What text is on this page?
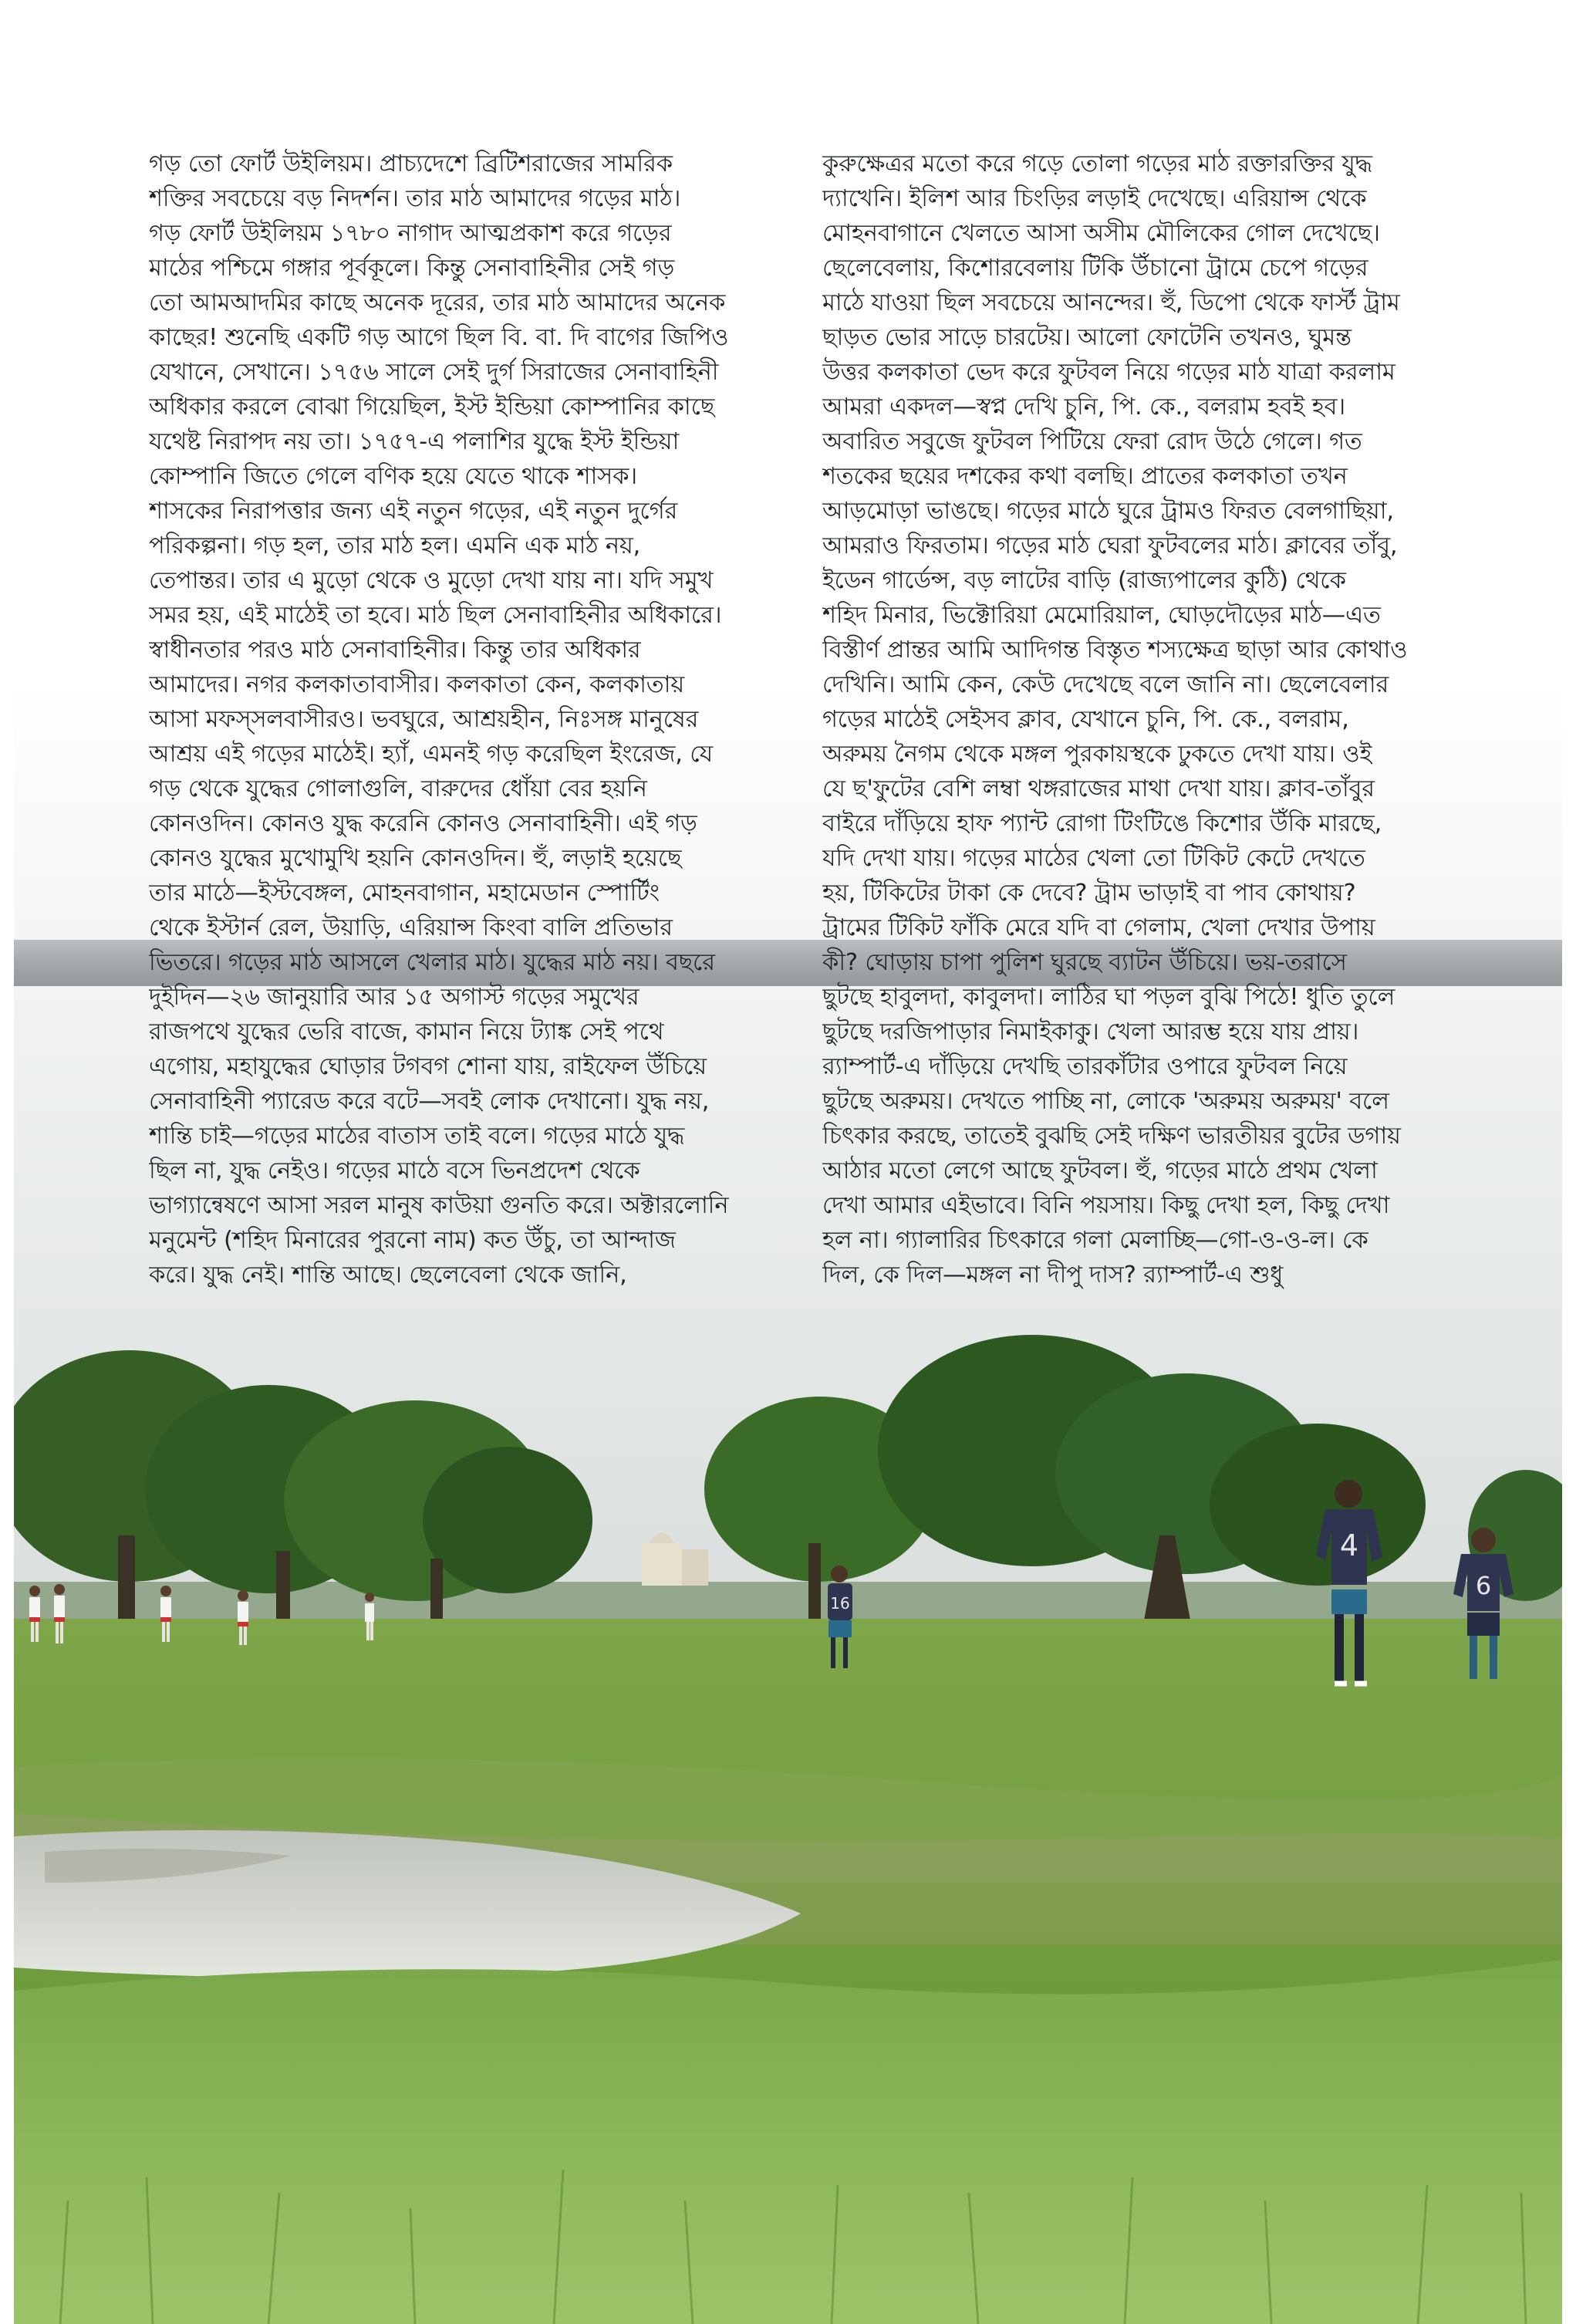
16
4
6

গড় তো ফোর্ট উইলিয়ম। প্রাচ্যদেশে ব্রিটিশরাজের সামরিক

শক্তির সবচেয়ে বড় নিদর্শন। তার মাঠ আমাদের গড়ের মাঠ।

গড় ফোর্ট উইলিয়ম ১৭৮০ নাগাদ আত্মপ্রকাশ করে গড়ের

মাঠের পশ্চিমে গঙ্গার পূর্বকূলে। কিন্তু সেনাবাহিনীর সেই গড়

তো আমআদমির কাছে অনেক দূরের, তার মাঠ আমাদের অনেক

কাছের! শুনেছি একটি গড় আগে ছিল বি. বা. দি বাগের জিপিও

যেখানে, সেখানে। ১৭৫৬ সালে সেই দুর্গ সিরাজের সেনাবাহিনী

অধিকার করলে বোঝা গিয়েছিল, ইস্ট ইন্ডিয়া কোম্পানির কাছে

যথেষ্ট নিরাপদ নয় তা। ১৭৫৭-এ পলাশির যুদ্ধে ইস্ট ইন্ডিয়া

কোম্পানি জিতে গেলে বণিক হয়ে যেতে থাকে শাসক।

শাসকের নিরাপত্তার জন্য এই নতুন গড়ের, এই নতুন দুর্গের

পরিকল্পনা। গড় হল, তার মাঠ হল। এমনি এক মাঠ নয়,

তেপান্তর। তার এ মুড়ো থেকে ও মুড়ো দেখা যায় না। যদি সমুখ

সমর হয়, এই মাঠেই তা হবে। মাঠ ছিল সেনাবাহিনীর অধিকারে।

স্বাধীনতার পরও মাঠ সেনাবাহিনীর। কিন্তু তার অধিকার

আমাদের। নগর কলকাতাবাসীর। কলকাতা কেন, কলকাতায়

আসা মফস্সলবাসীরও। ভবঘুরে, আশ্রয়হীন, নিঃসঙ্গ মানুষের

আশ্রয় এই গড়ের মাঠেই। হ্যাঁ, এমনই গড় করেছিল ইংরেজ, যে

গড় থেকে যুদ্ধের গোলাগুলি, বারুদের ধোঁয়া বের হয়নি

কোনওদিন। কোনও যুদ্ধ করেনি কোনও সেনাবাহিনী। এই গড়

কোনও যুদ্ধের মুখোমুখি হয়নি কোনওদিন। হুঁ, লড়াই হয়েছে

তার মাঠে—ইস্টবেঙ্গল, মোহনবাগান, মহামেডান স্পোর্টিং

থেকে ইস্টার্ন রেল, উয়াড়ি, এরিয়ান্স কিংবা বালি প্রতিভার

ভিতরে। গড়ের মাঠ আসলে খেলার মাঠ। যুদ্ধের মাঠ নয়। বছরে

দুইদিন—২৬ জানুয়ারি আর ১৫ অগাস্ট গড়ের সমুখের

রাজপথে যুদ্ধের ভেরি বাজে, কামান নিয়ে ট্যাঙ্ক সেই পথে

এগোয়, মহাযুদ্ধের ঘোড়ার টগবগ শোনা যায়, রাইফেল উঁচিয়ে

সেনাবাহিনী প্যারেড করে বটে—সবই লোক দেখানো। যুদ্ধ নয়,

শান্তি চাই—গড়ের মাঠের বাতাস তাই বলে। গড়ের মাঠে যুদ্ধ

ছিল না, যুদ্ধ নেইও। গড়ের মাঠে বসে ভিনপ্রদেশ থেকে

ভাগ্যান্বেষণে আসা সরল মানুষ কাউয়া গুনতি করে। অক্টারলোনি

মনুমেন্ট (শহিদ মিনারের পুরনো নাম) কত উঁচু, তা আন্দাজ

করে। যুদ্ধ নেই। শান্তি আছে। ছেলেবেলা থেকে জানি,

কুরুক্ষেত্রর মতো করে গড়ে তোলা গড়ের মাঠ রক্তারক্তির যুদ্ধ

দ্যাখেনি। ইলিশ আর চিংড়ির লড়াই দেখেছে। এরিয়ান্স থেকে

মোহনবাগানে খেলতে আসা অসীম মৌলিকের গোল দেখেছে।

ছেলেবেলায়, কিশোরবেলায় টিকি উঁচানো ট্রামে চেপে গড়ের

মাঠে যাওয়া ছিল সবচেয়ে আনন্দের। হুঁ, ডিপো থেকে ফার্স্ট ট্রাম

ছাড়ত ভোর সাড়ে চারটেয়। আলো ফোটেনি তখনও, ঘুমন্ত

উত্তর কলকাতা ভেদ করে ফুটবল নিয়ে গড়ের মাঠ যাত্রা করলাম

আমরা একদল—স্বপ্ন দেখি চুনি, পি. কে., বলরাম হবই হব।

অবারিত সবুজে ফুটবল পিটিয়ে ফেরা রোদ উঠে গেলে। গত

শতকের ছয়ের দশকের কথা বলছি। প্রাতের কলকাতা তখন

আড়মোড়া ভাঙছে। গড়ের মাঠে ঘুরে ট্রামও ফিরত বেলগাছিয়া,

আমরাও ফিরতাম। গড়ের মাঠ ঘেরা ফুটবলের মাঠ। ক্লাবের তাঁবু,

ইডেন গার্ডেন্স, বড় লাটের বাড়ি (রাজ্যপালের কুঠি) থেকে

শহিদ মিনার, ভিক্টোরিয়া মেমোরিয়াল, ঘোড়দৌড়ের মাঠ—এত

বিস্তীর্ণ প্রান্তর আমি আদিগন্ত বিস্তৃত শস্যক্ষেত্র ছাড়া আর কোথাও

দেখিনি। আমি কেন, কেউ দেখেছে বলে জানি না। ছেলেবেলার

গড়ের মাঠেই সেইসব ক্লাব, যেখানে চুনি, পি. কে., বলরাম,

অরুময় নৈগম থেকে মঙ্গল পুরকায়স্থকে ঢুকতে দেখা যায়। ওই

যে ছ'ফুটের বেশি লম্বা থঙ্গরাজের মাথা দেখা যায়। ক্লাব-তাঁবুর

বাইরে দাঁড়িয়ে হাফ প্যান্ট রোগা টিংটিঙে কিশোর উঁকি মারছে,

যদি দেখা যায়। গড়ের মাঠের খেলা তো টিকিট কেটে দেখতে

হয়, টিকিটের টাকা কে দেবে? ট্রাম ভাড়াই বা পাব কোথায়?

ট্রামের টিকিট ফাঁকি মেরে যদি বা গেলাম, খেলা দেখার উপায়

কী? ঘোড়ায় চাপা পুলিশ ঘুরছে ব্যাটন উঁচিয়ে। ভয়-তরাসে

ছুটছে হাবুলদা, কাবুলদা। লাঠির ঘা পড়ল বুঝি পিঠে! ধুতি তুলে

ছুটছে দরজিপাড়ার নিমাইকাকু। খেলা আরম্ভ হয়ে যায় প্রায়।

র‍্যাম্পার্ট-এ দাঁড়িয়ে দেখছি তারকাঁটার ওপারে ফুটবল নিয়ে

ছুটছে অরুময়। দেখতে পাচ্ছি না, লোকে 'অরুময় অরুময়' বলে

চিৎকার করছে, তাতেই বুঝছি সেই দক্ষিণ ভারতীয়র বুটের ডগায়

আঠার মতো লেগে আছে ফুটবল। হুঁ, গড়ের মাঠে প্রথম খেলা

দেখা আমার এইভাবে। বিনি পয়সায়। কিছু দেখা হল, কিছু দেখা

হল না। গ্যালারির চিৎকারে গলা মেলাচ্ছি—গো-ও-ও-ল। কে

দিল, কে দিল—মঙ্গল না দীপু দাস? র‍্যাম্পার্ট-এ শুধু
